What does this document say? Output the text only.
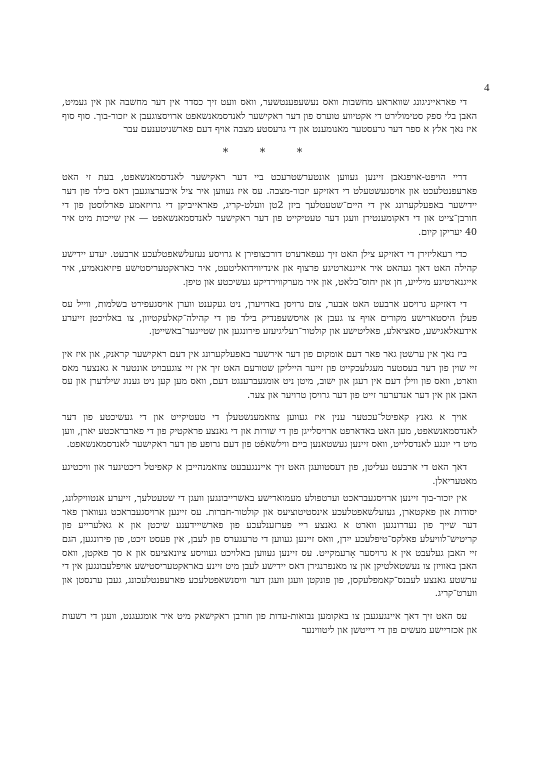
4

די פאראייניגונג שוואראע מחשבות וואס נעשעפענטשער, וואס וועט זיך כסדר אין דער מחשבה און אין געמיט, האבן בלי ספק סטימולירט די אקטיווע טוערס פון דער ראקישער לאנדסמאנשאפט ארויסצוגעבן א יזכור-בוך. סוף סוף איז נאך אלץ א ספר דער גרעסטער מאנומענט און די גרעסטע מצבה אויף דעם פארשניטענעם עבר

* * *

דריי הויפט-אויפגאבן זיינען געווען אונטערשטרעכט ביי דער ראקישער לאנדסמאנשאפט, בעת זי האט פארעפנטלעכט און אויסגעשטעלט די דאזיקע יזכור-מצבה. עס איז געווען איר ציל איבערצוגעבן דאס בילד פון דער יידישער באפעלקערונג אין די היים־שטעטלעך ביזן 2טן וועלט-קריג, פאראייביקן די גרויזאמע פארלוסטן פון די חורבן־צייט און די דאקומענטירן וועגן דער טעטיקייט פון דער ראקישער לאנדסמאנשאפט — אין שייכות מיט איר 40 יעריקן קיום.

כדי רעאליזירן די דאזיקע צילן האט זיך געפאדערט דורכצופירן א גרויסע נעזעלשאפטלעכע ארבעט. יעדע יידישע קהילה האט דאך געהאט איר אייגנארטיגע פרצוף און אינדיווידואליטעט, איר כאראקטעריסטישע פיזיאנאמיע, איר אייגנארטיגע מילייע, חן און יחוס־בלאט, און איר מערקווירדיקע געשיכטע און טיפן.

די דאזיקע גרויסע ארבעט האט אבער, צום גרויסן באדויערן, ניט געקענט ווערן אויסגעפירט בשלמות, ווייל עס פעלן היסטארישע מקורים אויף צו געבן אן אויסשעפנדיק בילד פון די קהילה־קאלעקטיוון, צו באלויכטן זייערע אידעאלאגישע, סאציאלע, פאליטישע און קולטור־רעליגיעזע פירונגען און שטייגער־באשייטן.

ביז נאך אין ערשטן גאר פאר דעם אומקום פון דער אירשער באפעלקערונג אין דעם ראקישער קראנק, און איז אין זיי שוין פון דער בעסטער מעגלעכקייט פון זייער הייליקן שטורעם האט זיך אין זיי צוגעבויט אונטער א גאנצער מאס ווארט, וואס פון ווילן דעם אין רעגן און ישוב, מיטן ניט אומגעברענגט דעם, וואס מען קען ניט גענוג שילדערן און עס האבן און אין דער אנדערער זייט פון דער גרויסן טרויער און צער.

אויך א גאנץ קאפיטל־עכטער ענין איז געווען צוזאמענשטעלן די טעטיקייט און די געשיכטע פון דער לאנדסמאנשאפט, מען האט באדארפט ארויסלייגן פון די שורות און די גאנצע פראקטיק פון די פארבראכטע יארן, ווען מיט די יונגע לאנדסלייט, וואס זיינען געשטאנען ביים ווילשאפֿט פון דעם גרופע פון דער ראקישער לאנדסמאנשאפט.

דאך האט די ארבעט געליטן, פון דעסטוועגן האט זיך אייננגעבעט צוזאמנהייבן א קאפיטל ריכטיגער און וויכטיגע מאטעריאלן.

אין יזכור-בוך זיינען ארויסגעבראכט וערטפולע מעמוארישע באשרייבונגען וועגן די שטעטלעך, זייערע אנטוויקלונג, יסודות און פאקטארן, געזעלשאפטלעכע אינסטיטוציעס און קולטור-חברות. עס זיינען ארויסגעבראכט געווארן פאר דער שייך פון נעדרונגען ווארט א גאנצע ריי פערזענלעכע פון פארשייידענע שיכטן און א גאלערייע פון קריטיש־לוויעלע פאלקס־טיפלעכע ייִדן, וואס זיינען געווען די טרעגערס פון לעבן, אין פעסט זיכט, פון פירונגען, הגם זיי האבן געלעבט אין א גרויסער אָרעמקייט. עס זיינען געווען באלויכט געוויסע ציונאציעס און א סך פאקטן, וואס האבן באוויזן צו נעשטאלטיקן און צו מאנפרנגירן דאס יידישע לעבן מיט זיינע באראקטעריסטישע אויפלעבונגען אין די ערשטע גאנצע לעבנס־קאמפלעקסן, פון פונקטן וועגן וועגן דער וויסנשאפטלעכע פארעפנטלעכונג, געבן ערנסטן און ווערט־קריג.

עס האט זיך דאך איינגעגעבן צו באקומען נבואות-עדות פון חורבן ראקישאק מיט איר אומגעגנט, וועגן די רשעות און אכזריישע מעשים פון די דייטשן און ליטווינער
